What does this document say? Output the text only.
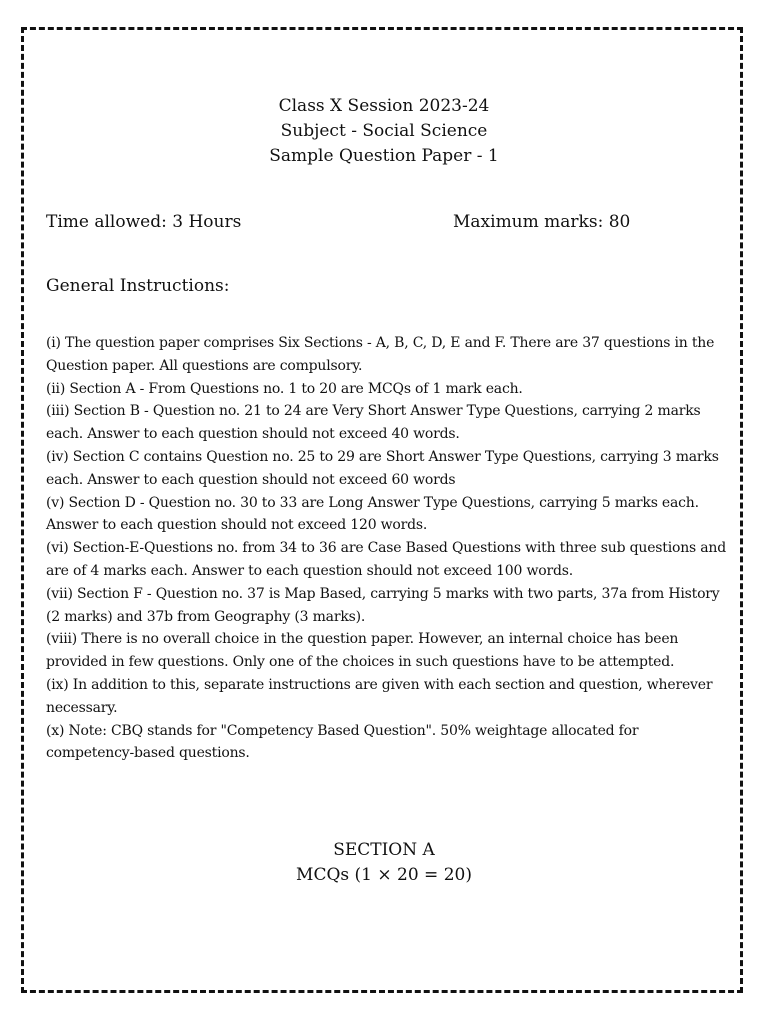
Class X Session 2023-24
Subject - Social Science
Sample Question Paper - 1
Time allowed: 3 Hours	Maximum marks: 80
General Instructions:

(i) The question paper comprises Six Sections - A, B, C, D, E and F. There are 37 questions in the Question paper. All questions are compulsory.

(ii) Section A - From Questions no. 1 to 20 are MCQs of 1 mark each.

(iii) Section B - Question no. 21 to 24 are Very Short Answer Type Questions, carrying 2 marks each. Answer to each question should not exceed 40 words.

(iv) Section C contains Question no. 25 to 29 are Short Answer Type Questions, carrying 3 marks each. Answer to each question should not exceed 60 words

(v) Section D - Question no. 30 to 33 are Long Answer Type Questions, carrying 5 marks each. Answer to each question should not exceed 120 words.

(vi) Section-E-Questions no. from 34 to 36 are Case Based Questions with three sub questions and are of 4 marks each. Answer to each question should not exceed 100 words.

(vii) Section F - Question no. 37 is Map Based, carrying 5 marks with two parts, 37a from History (2 marks) and 37b from Geography (3 marks).

(viii) There is no overall choice in the question paper. However, an internal choice has been provided in few questions. Only one of the choices in such questions have to be attempted.

(ix) In addition to this, separate instructions are given with each section and question, wherever necessary.

(x) Note: CBQ stands for "Competency Based Question". 50% weightage allocated for competency-based questions.

SECTION A
MCQs (1 × 20 = 20)
